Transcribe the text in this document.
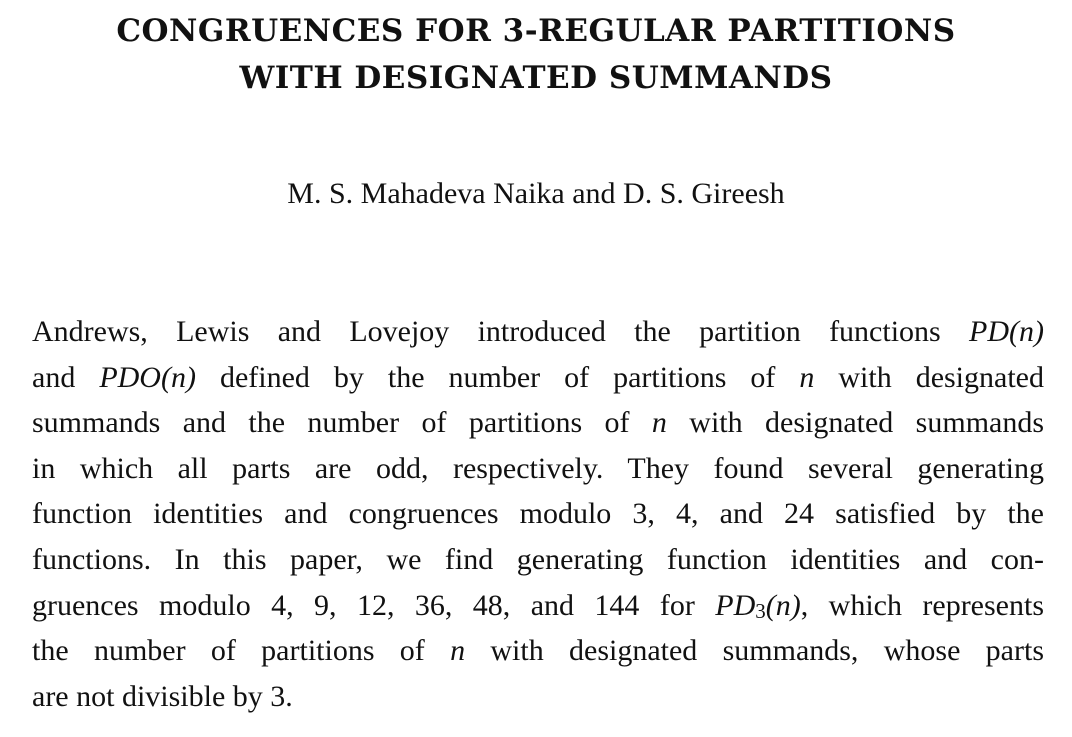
CONGRUENCES FOR 3-REGULAR PARTITIONS
WITH DESIGNATED SUMMANDS
M. S. Mahadeva Naika and D. S. Gireesh
Andrews, Lewis and Lovejoy introduced the partition functions PD(n)
and PDO(n) defined by the number of partitions of n with designated
summands and the number of partitions of n with designated summands
in which all parts are odd, respectively. They found several generating
function identities and congruences modulo 3, 4, and 24 satisfied by the
functions. In this paper, we find generating function identities and con-
gruences modulo 4, 9, 12, 36, 48, and 144 for $PD_3(n)$, which represents
the number of partitions of n with designated summands, whose parts
are not divisible by 3.
